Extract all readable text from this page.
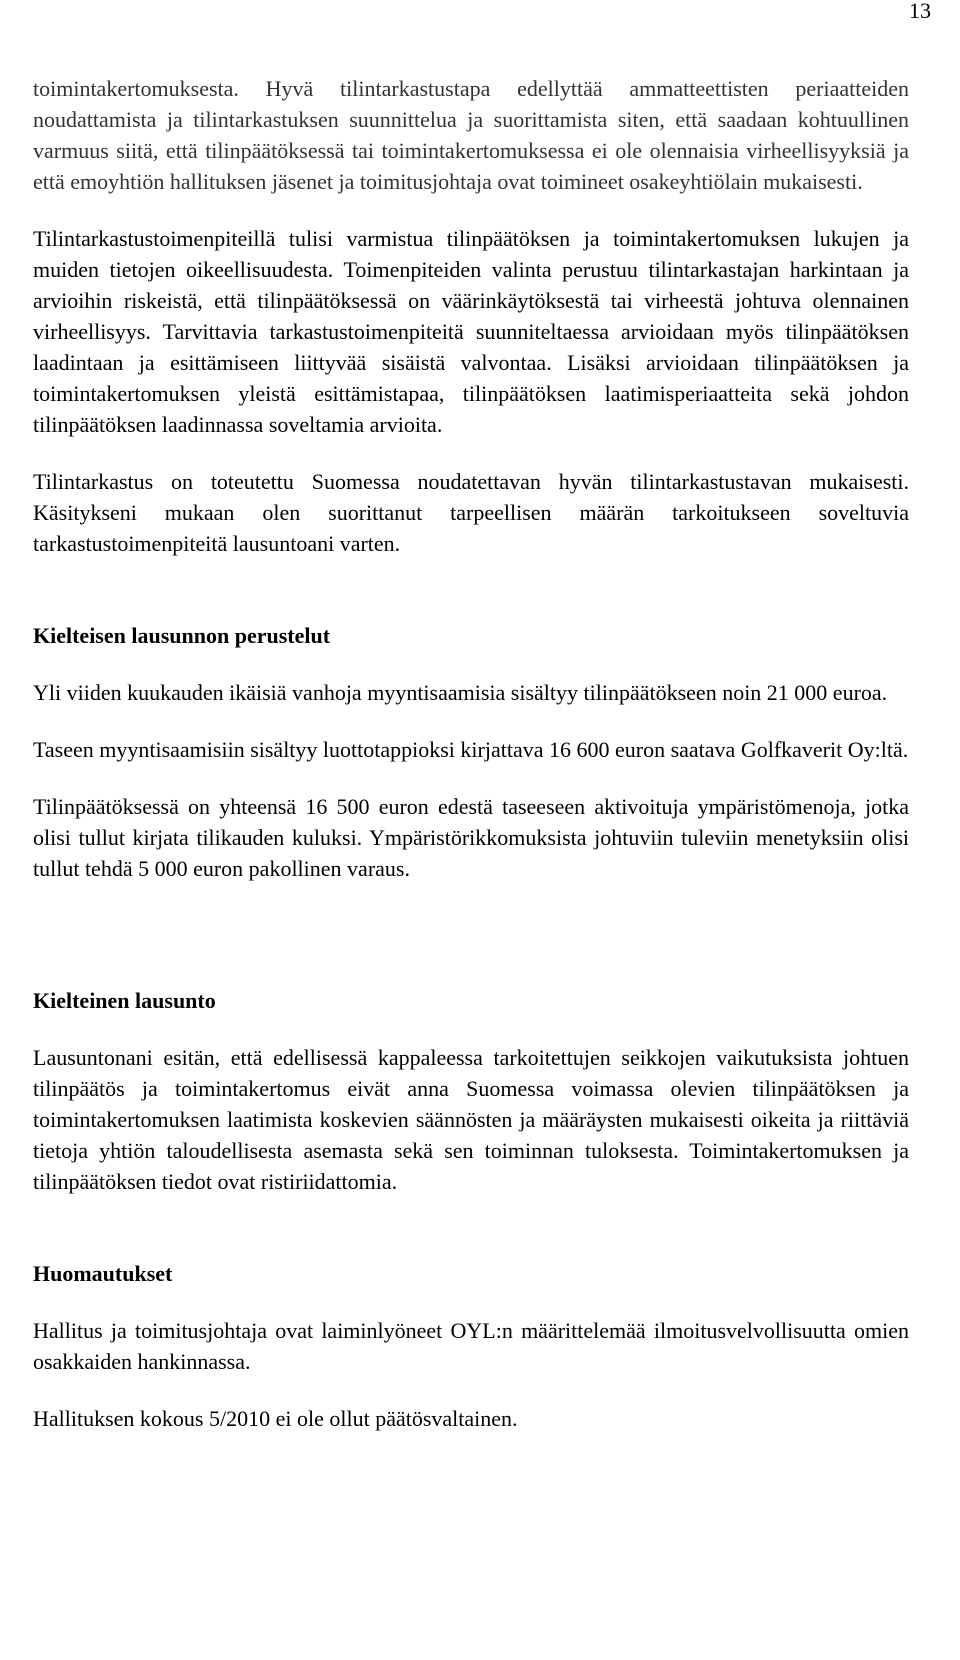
13

toimintakertomuksesta. Hyvä tilintarkastustapa edellyttää ammatteettisten periaatteiden noudattamista ja tilintarkastuksen suunnittelua ja suorittamista siten, että saadaan kohtuullinen varmuus siitä, että tilinpäätöksessä tai toimintakertomuksessa ei ole olennaisia virheellisyyksiä ja että emoyhtiön hallituksen jäsenet ja toimitusjohtaja ovat toimineet osakeyhtiölain mukaisesti.

Tilintarkastustoimenpiteillä tulisi varmistua tilinpäätöksen ja toimintakertomuksen lukujen ja muiden tietojen oikeellisuudesta. Toimenpiteiden valinta perustuu tilintarkastajan harkintaan ja arvioihin riskeistä, että tilinpäätöksessä on väärinkäytöksestä tai virheestä johtuva olennainen virheellisyys. Tarvittavia tarkastustoimenpiteitä suunniteltaessa arvioidaan myös tilinpäätöksen laadintaan ja esittämiseen liittyvää sisäistä valvontaa. Lisäksi arvioidaan tilinpäätöksen ja toimintakertomuksen yleistä esittämistapaa, tilinpäätöksen laatimisperiaatteita sekä johdon tilinpäätöksen laadinnassa soveltamia arvioita.

Tilintarkastus on toteutettu Suomessa noudatettavan hyvän tilintarkastustavan mukaisesti. Käsitykseni mukaan olen suorittanut tarpeellisen määrän tarkoitukseen soveltuvia tarkastustoimenpiteitä lausuntoani varten.

Kielteisen lausunnon perustelut

Yli viiden kuukauden ikäisiä vanhoja myyntisaamisia sisältyy tilinpäätökseen noin 21 000 euroa.

Taseen myyntisaamisiin sisältyy luottotappioksi kirjattava 16 600 euron saatava Golfkaverit Oy:ltä.

Tilinpäätöksessä on yhteensä 16 500 euron edestä taseeseen aktivoituja ympäristömenoja, jotka olisi tullut kirjata tilikauden kuluksi. Ympäristörikkomuksista johtuviin tuleviin menetyksiin olisi tullut tehdä 5 000 euron pakollinen varaus.

Kielteinen lausunto

Lausuntonani esitän, että edellisessä kappaleessa tarkoitettujen seikkojen vaikutuksista johtuen tilinpäätös ja toimintakertomus eivät anna Suomessa voimassa olevien tilinpäätöksen ja toimintakertomuksen laatimista koskevien säännösten ja määräysten mukaisesti oikeita ja riittäviä tietoja yhtiön taloudellisesta asemasta sekä sen toiminnan tuloksesta. Toimintakertomuksen ja tilinpäätöksen tiedot ovat ristiriidattomia.

Huomautukset

Hallitus ja toimitusjohtaja ovat laiminlyöneet OYL:n määrittelemää ilmoitusvelvollisuutta omien osakkaiden hankinnassa.

Hallituksen kokous 5/2010 ei ole ollut päätösvaltainen.
